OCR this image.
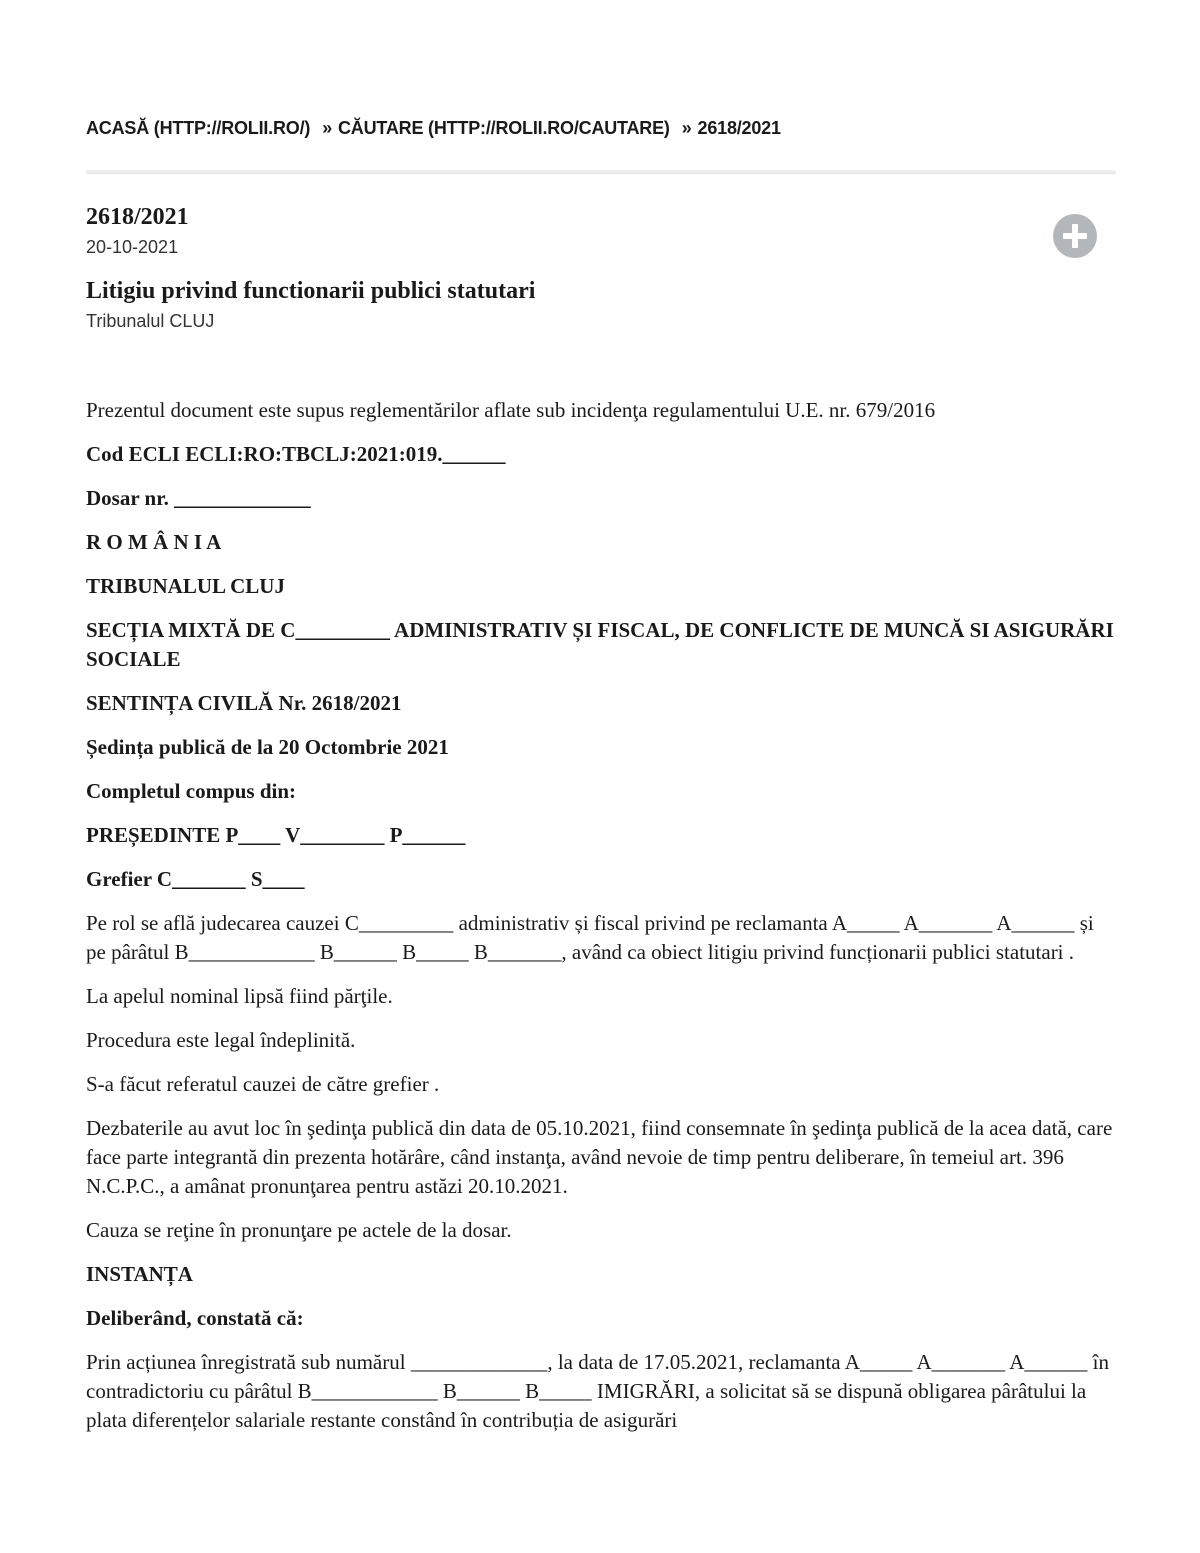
ACASĂ (HTTP://ROLII.RO/) » CĂUTARE (HTTP://ROLII.RO/CAUTARE) » 2618/2021
2618/2021
20-10-2021
Litigiu privind functionarii publici statutari
Tribunalul CLUJ

Prezentul document este supus reglementărilor aflate sub incidenţa regulamentului U.E. nr. 679/2016

Cod ECLI ECLI:RO:TBCLJ:2021:019.______

Dosar nr. _____________

R O M Â N I A

TRIBUNALUL CLUJ

SECȚIA MIXTĂ DE C_________ ADMINISTRATIV ȘI FISCAL, DE CONFLICTE DE MUNCĂ SI ASIGURĂRI SOCIALE

SENTINȚA CIVILĂ Nr. 2618/2021

Ședința publică de la 20 Octombrie 2021

Completul compus din:

PREȘEDINTE P____ V________ P______

Grefier C_______ S____

Pe rol se află judecarea cauzei C_________ administrativ și fiscal privind pe reclamanta A_____ A_______ A______ și pe pârâtul B____________ B______ B_____ B_______, având ca obiect litigiu privind funcționarii publici statutari .

La apelul nominal lipsă fiind părţile.

Procedura este legal îndeplinită.

S-a făcut referatul cauzei de către grefier .

Dezbaterile au avut loc în şedinţa publică din data de 05.10.2021, fiind consemnate în şedinţa publică de la acea dată, care face parte integrantă din prezenta hotărâre, când instanţa, având nevoie de timp pentru deliberare, în temeiul art. 396 N.C.P.C., a amânat pronunţarea pentru astăzi 20.10.2021.

Cauza se reţine în pronunţare pe actele de la dosar.

INSTANȚA

Deliberând, constată că:

Prin acțiunea înregistrată sub numărul _____________, la data de 17.05.2021, reclamanta A_____ A_______ A______ în contradictoriu cu pârâtul B____________ B______ B_____ IMIGRĂRI, a solicitat să se dispună obligarea pârâtului la plata diferențelor salariale restante constând în contribuția de asigurări
